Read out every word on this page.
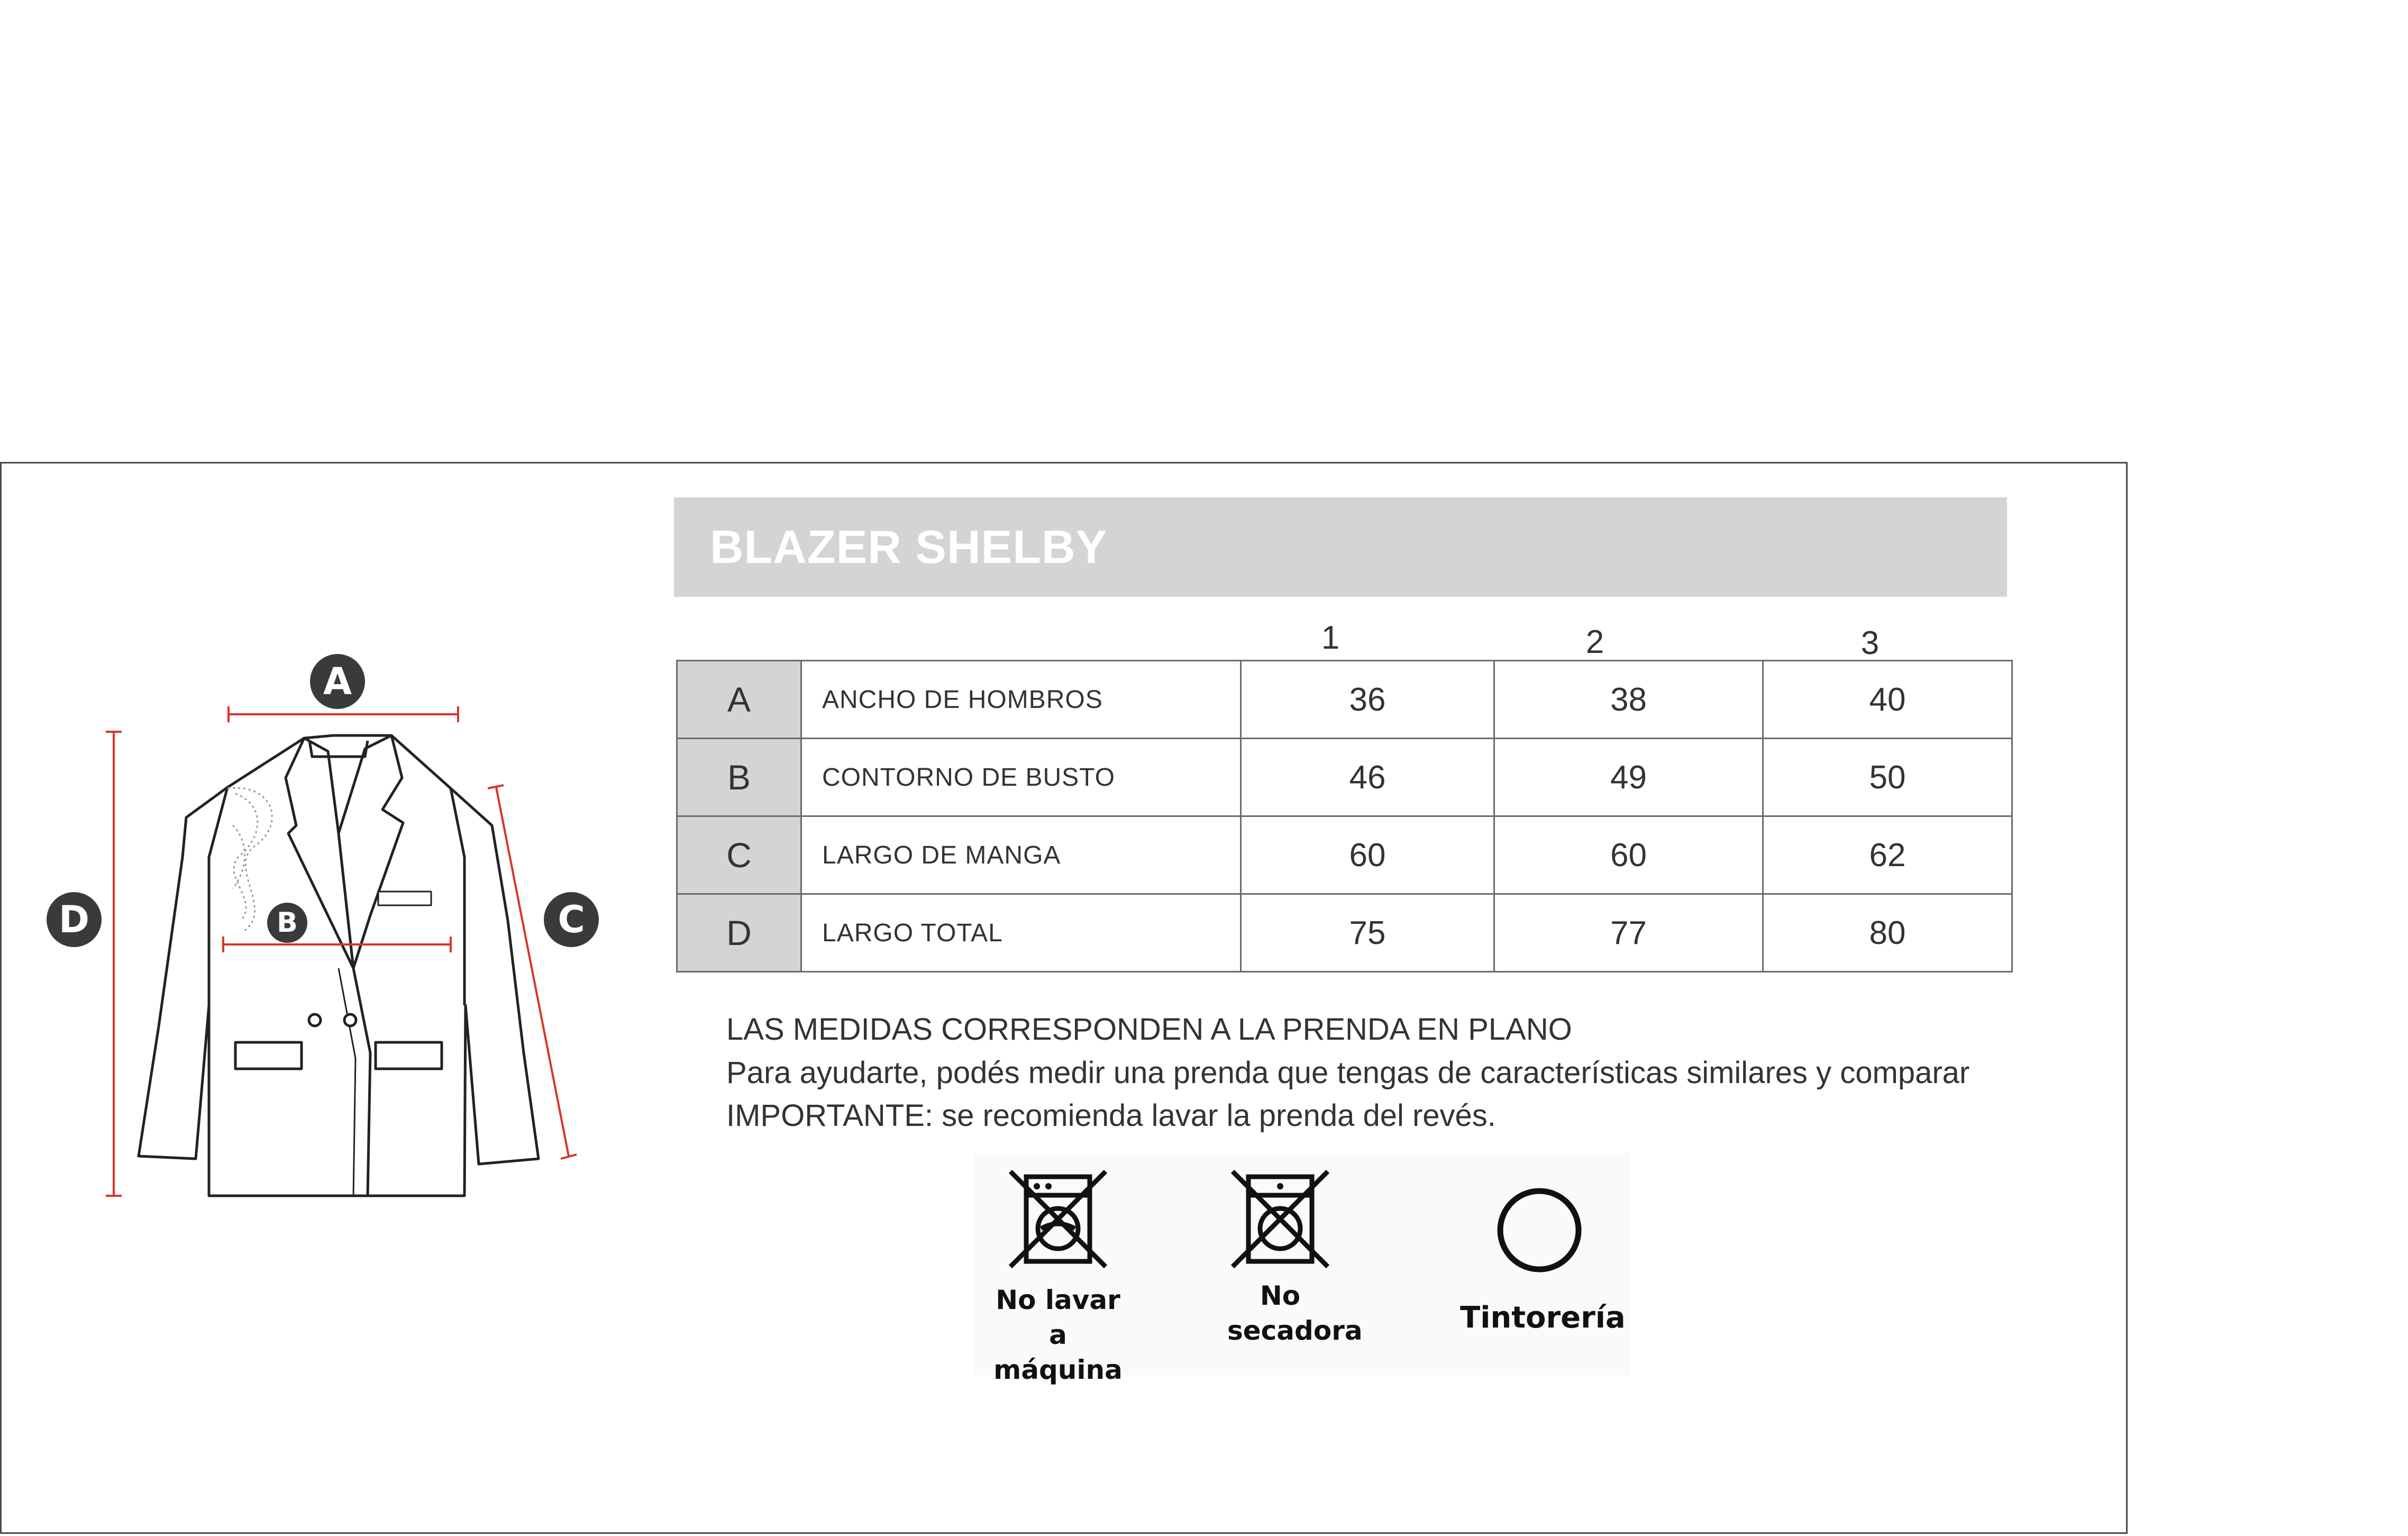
A
B	C
D
BLAZER SHELBY
1	2	3
A	ANCHO DE HOMBROS	36	38	40
B	CONTORNO DE BUSTO	46	49	50
C	LARGO DE MANGA	60	60	62
D	LARGO TOTAL	75	77	80
LAS MEDIDAS CORRESPONDEN A LA PRENDA EN PLANO
Para ayudarte, podés medir una prenda que tengas de características similares y comparar
IMPORTANTE: se recomienda lavar la prenda del revés.
No lavar
a máquina
No
secadora	Tintorería
